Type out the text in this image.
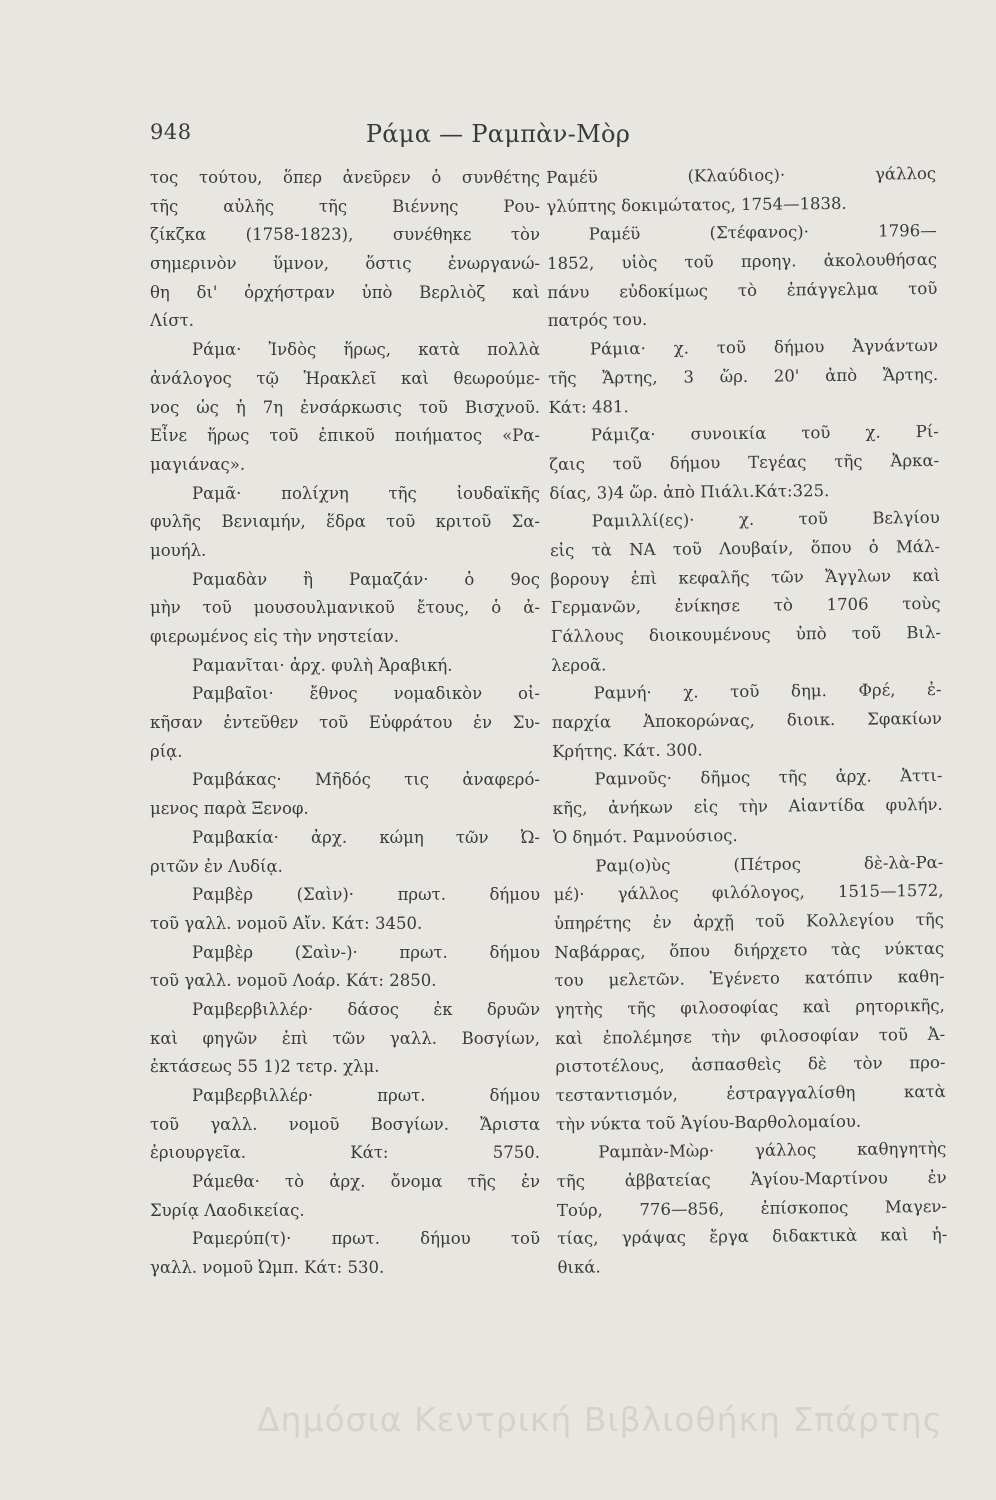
948	Ράμα — Ραμπὰν-Μὸρ
τος τούτου, ὅπερ ἀνεῦρεν ὁ συνθέτης
τῆς αὐλῆς τῆς Βιέννης Ρου-
ζίκζκα (1758-1823), συνέθηκε τὸν
σημερινὸν ὕμνον, ὅστις ἐνωργανώ-
θη δι' ὀρχήστραν ὑπὸ Βερλιὸζ καὶ
Λίστ.
Ράμα· Ἰνδὸς ἥρως, κατὰ πολλὰ
ἀνάλογος τῷ Ἡρακλεῖ καὶ θεωρούμε-
νος ὡς ἡ 7η ἐνσάρκωσις τοῦ Βισχνοῦ.
Εἶνε ἥρως τοῦ ἐπικοῦ ποιήματος «Ρα-
μαγιάνας».
Ραμᾶ· πολίχνη τῆς ἰουδαϊκῆς
φυλῆς Βενιαμήν, ἕδρα τοῦ κριτοῦ Σα-
μουήλ.
Ραμαδὰν ἢ Ραμαζάν· ὁ 9ος
μὴν τοῦ μουσουλμανικοῦ ἔτους, ὁ ἀ-
φιερωμένος εἰς τὴν νηστείαν.
Ραμανῖται· ἀρχ. φυλὴ Ἀραβική.
Ραμβαῖοι· ἔθνος νομαδικὸν οἰ-
κῆσαν ἐντεῦθεν τοῦ Εὐφράτου ἐν Συ-
ρίᾳ.
Ραμβάκας· Μῆδός τις ἀναφερό-
μενος παρὰ Ξενοφ.
Ραμβακία· ἀρχ. κώμη τῶν Ὠ-
ριτῶν ἐν Λυδίᾳ.
Ραμβὲρ (Σαὶν)· πρωτ. δήμου
τοῦ γαλλ. νομοῦ Αἴν. Κάτ: 3450.
Ραμβὲρ (Σαὶν-)· πρωτ. δήμου
τοῦ γαλλ. νομοῦ Λοάρ. Κάτ: 2850.
Ραμβερβιλλέρ· δάσος ἐκ δρυῶν
καὶ φηγῶν ἐπὶ τῶν γαλλ. Βοσγίων,
ἐκτάσεως 55 1)2 τετρ. χλμ.
Ραμβερβιλλέρ· πρωτ. δήμου
τοῦ γαλλ. νομοῦ Βοσγίων. Ἄριστα
ἐριουργεῖα. Κάτ: 5750.
Ράμεθα· τὸ ἀρχ. ὄνομα τῆς ἐν
Συρίᾳ Λαοδικείας.
Ραμερύπ(τ)· πρωτ. δήμου τοῦ
γαλλ. νομοῦ Ὠμπ. Κάτ: 530.
Ραμέϋ (Κλαύδιος)· γάλλος
γλύπτης δοκιμώτατος, 1754—1838.
Ραμέϋ (Στέφανος)· 1796—
1852, υἱὸς τοῦ προηγ. ἀκολουθήσας
πάνυ εὐδοκίμως τὸ ἐπάγγελμα τοῦ
πατρός του.
Ράμια· χ. τοῦ δήμου Ἀγνάντων
τῆς Ἄρτης, 3 ὥρ. 20' ἀπὸ Ἄρτης.
Κάτ: 481.
Ράμιζα· συνοικία τοῦ χ. Ρί-
ζαις τοῦ δήμου Τεγέας τῆς Ἀρκα-
δίας, 3)4 ὥρ. ἀπὸ Πιάλι.Κάτ:325.
Ραμιλλί(ες)· χ. τοῦ Βελγίου
εἰς τὰ ΝΑ τοῦ Λουβαίν, ὅπου ὁ Μάλ-
βορουγ ἐπὶ κεφαλῆς τῶν Ἄγγλων καὶ
Γερμανῶν, ἐνίκησε τὸ 1706 τοὺς
Γάλλους διοικουμένους ὑπὸ τοῦ Βιλ-
λεροᾶ.
Ραμνή· χ. τοῦ δημ. Φρέ, ἐ-
παρχία Ἀποκορώνας, διοικ. Σφακίων
Κρήτης. Κάτ. 300.
Ραμνοῦς· δῆμος τῆς ἀρχ. Ἀττι-
κῆς, ἀνήκων εἰς τὴν Αἰαντίδα φυλήν.
Ὁ δημότ. Ραμνούσιος.
Ραμ(ο)ὺς (Πέτρος δὲ-λὰ-Ρα-
μέ)· γάλλος φιλόλογος, 1515—1572,
ὑπηρέτης ἐν ἀρχῇ τοῦ Κολλεγίου τῆς
Ναβάρρας, ὅπου διήρχετο τὰς νύκτας
του μελετῶν. Ἐγένετο κατόπιν καθη-
γητὴς τῆς φιλοσοφίας καὶ ρητορικῆς,
καὶ ἐπολέμησε τὴν φιλοσοφίαν τοῦ Ἀ-
ριστοτέλους, ἀσπασθεὶς δὲ τὸν προ-
τεσταντισμόν, ἐστραγγαλίσθη κατὰ
τὴν νύκτα τοῦ Ἁγίου-Βαρθολομαίου.
Ραμπὰν-Μὼρ· γάλλος καθηγητὴς
τῆς ἀββατείας Ἁγίου-Μαρτίνου ἐν
Τούρ, 776—856, ἐπίσκοπος Μαγεν-
τίας, γράψας ἔργα διδακτικὰ καὶ ἠ-
θικά.
Δημόσια Κεντρική Βιβλιοθήκη Σπάρτης
